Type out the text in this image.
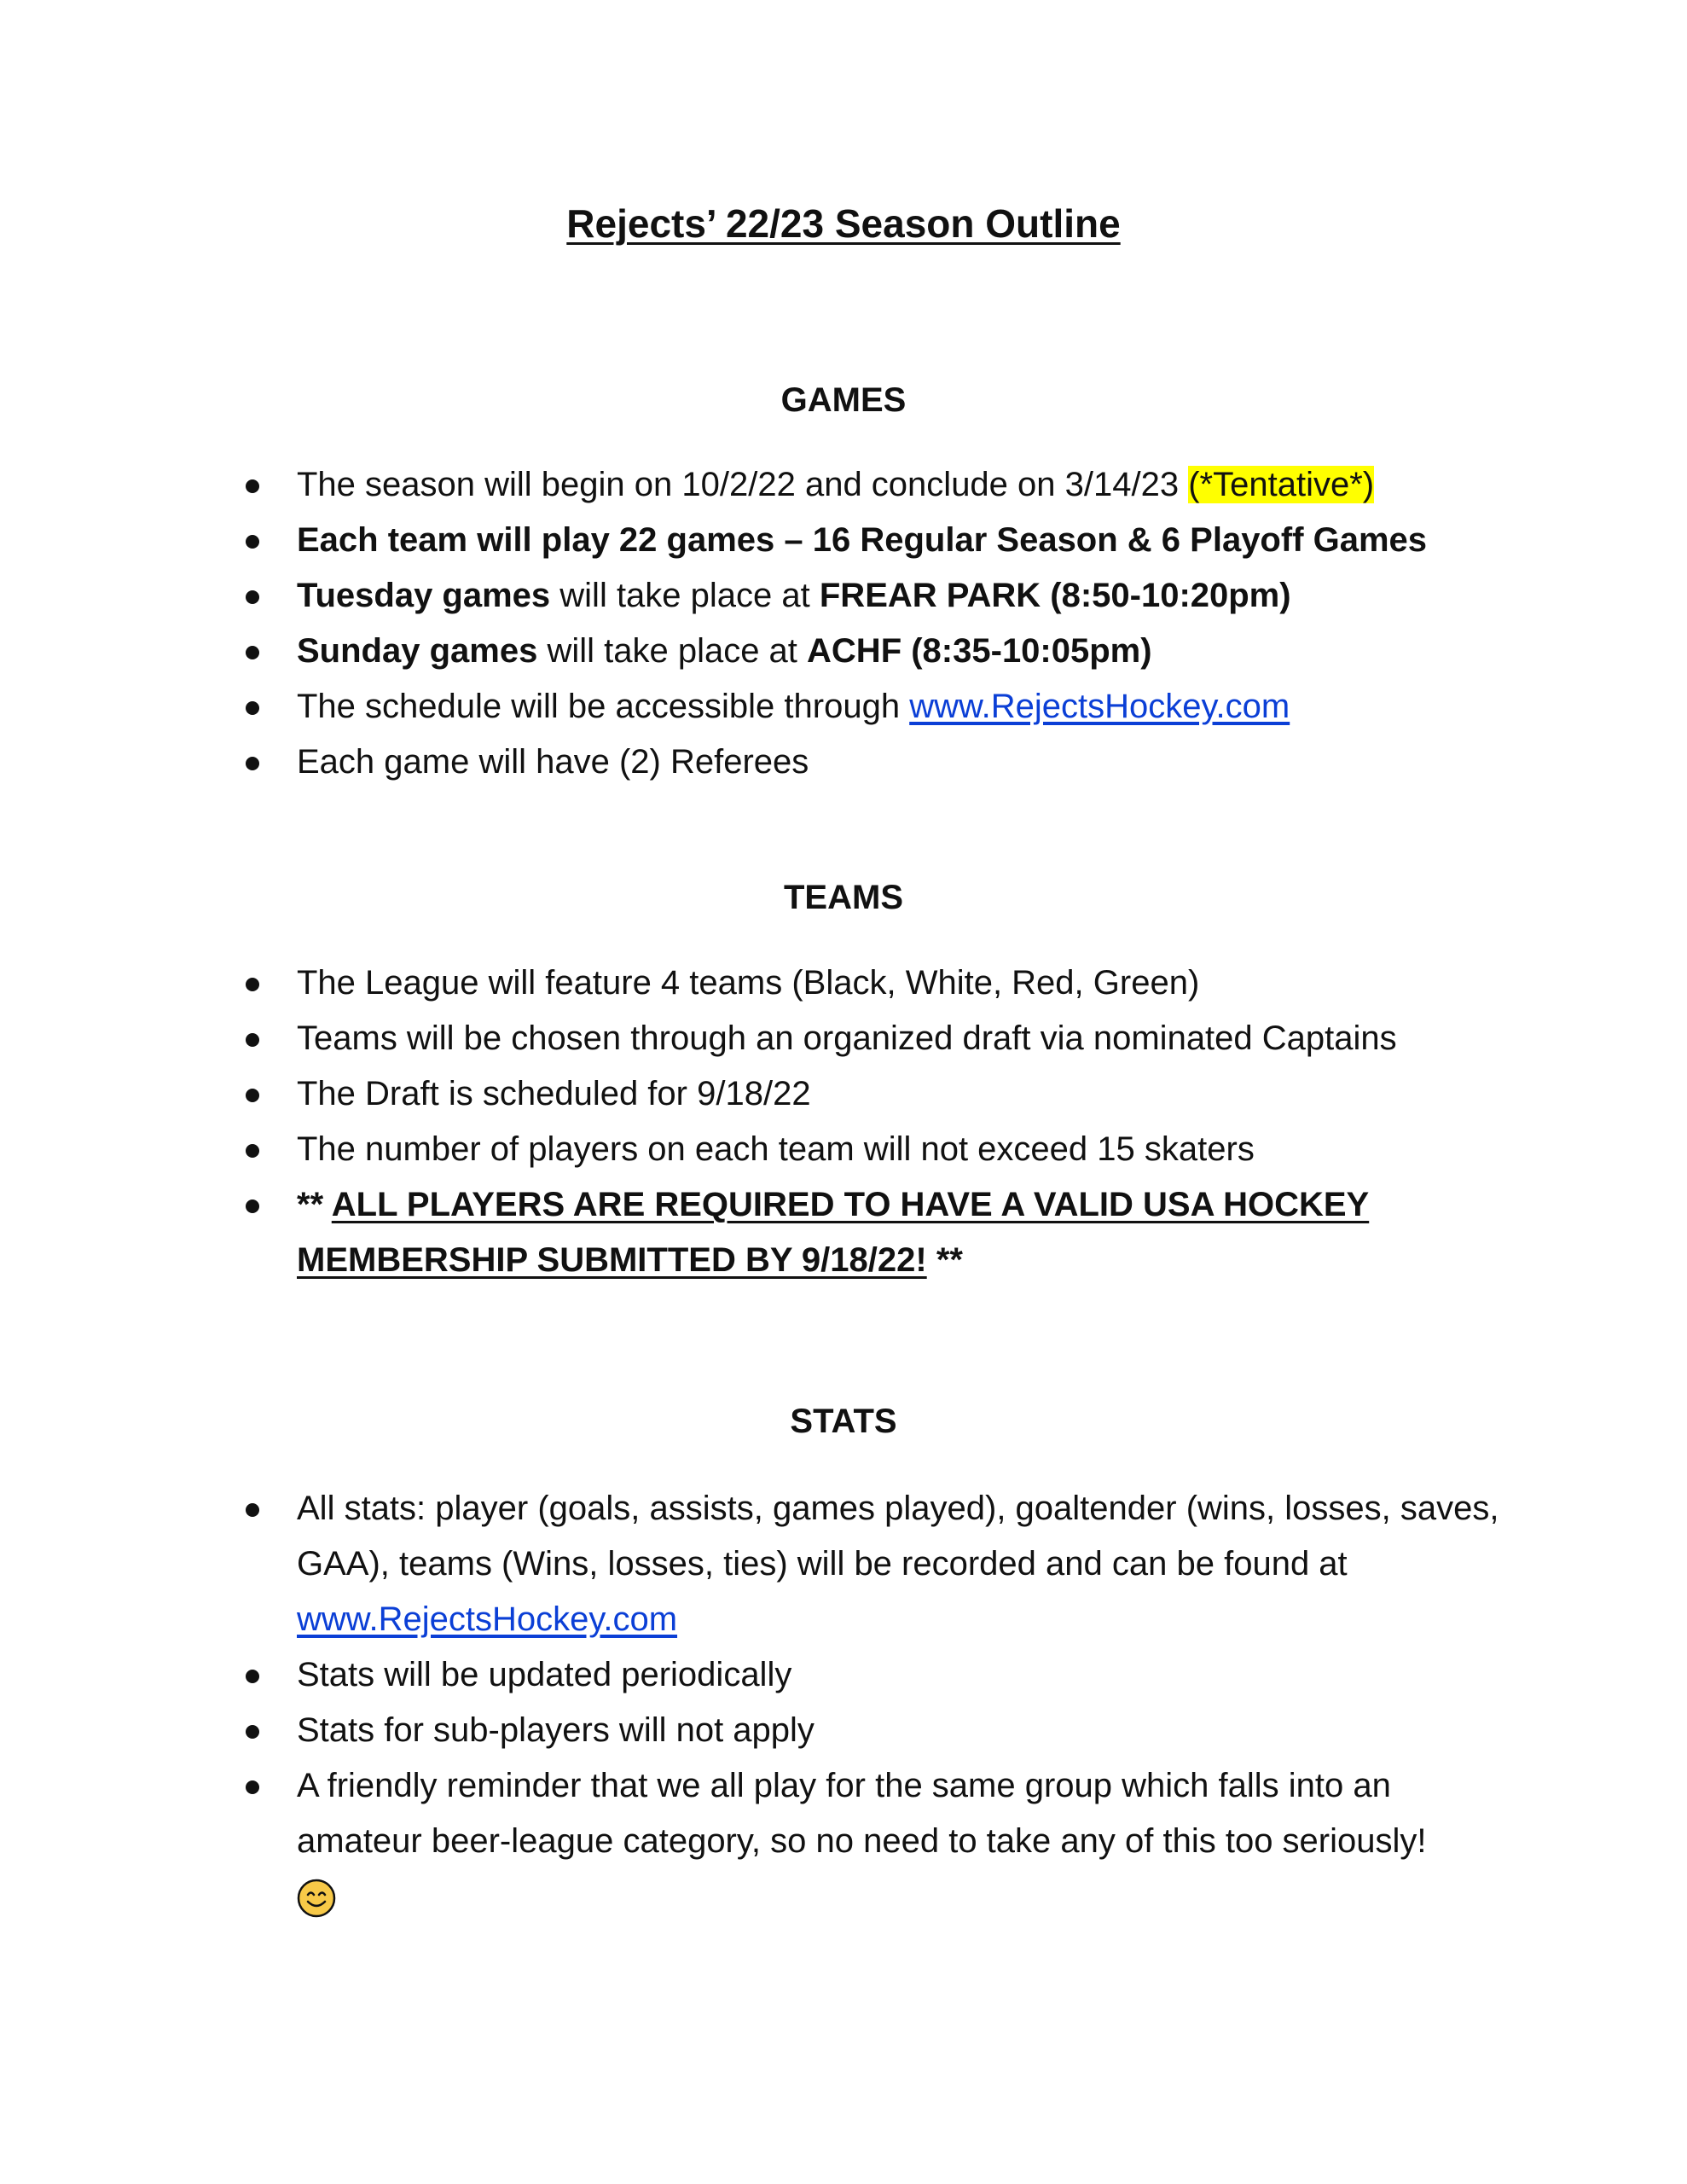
Rejects’ 22/23 Season Outline
GAMES
The season will begin on 10/2/22 and conclude on 3/14/23 (*Tentative*)
Each team will play 22 games – 16 Regular Season & 6 Playoff Games
Tuesday games will take place at FREAR PARK (8:50-10:20pm)
Sunday games will take place at ACHF (8:35-10:05pm)
The schedule will be accessible through www.RejectsHockey.com
Each game will have (2) Referees
TEAMS
The League will feature 4 teams (Black, White, Red, Green)
Teams will be chosen through an organized draft via nominated Captains
The Draft is scheduled for 9/18/22
The number of players on each team will not exceed 15 skaters
** ALL PLAYERS ARE REQUIRED TO HAVE A VALID USA HOCKEY MEMBERSHIP SUBMITTED BY 9/18/22! **
STATS
All stats: player (goals, assists, games played), goaltender (wins, losses, saves, GAA), teams (Wins, losses, ties) will be recorded and can be found at www.RejectsHockey.com
Stats will be updated periodically
Stats for sub-players will not apply
A friendly reminder that we all play for the same group which falls into an amateur beer-league category, so no need to take any of this too seriously!
